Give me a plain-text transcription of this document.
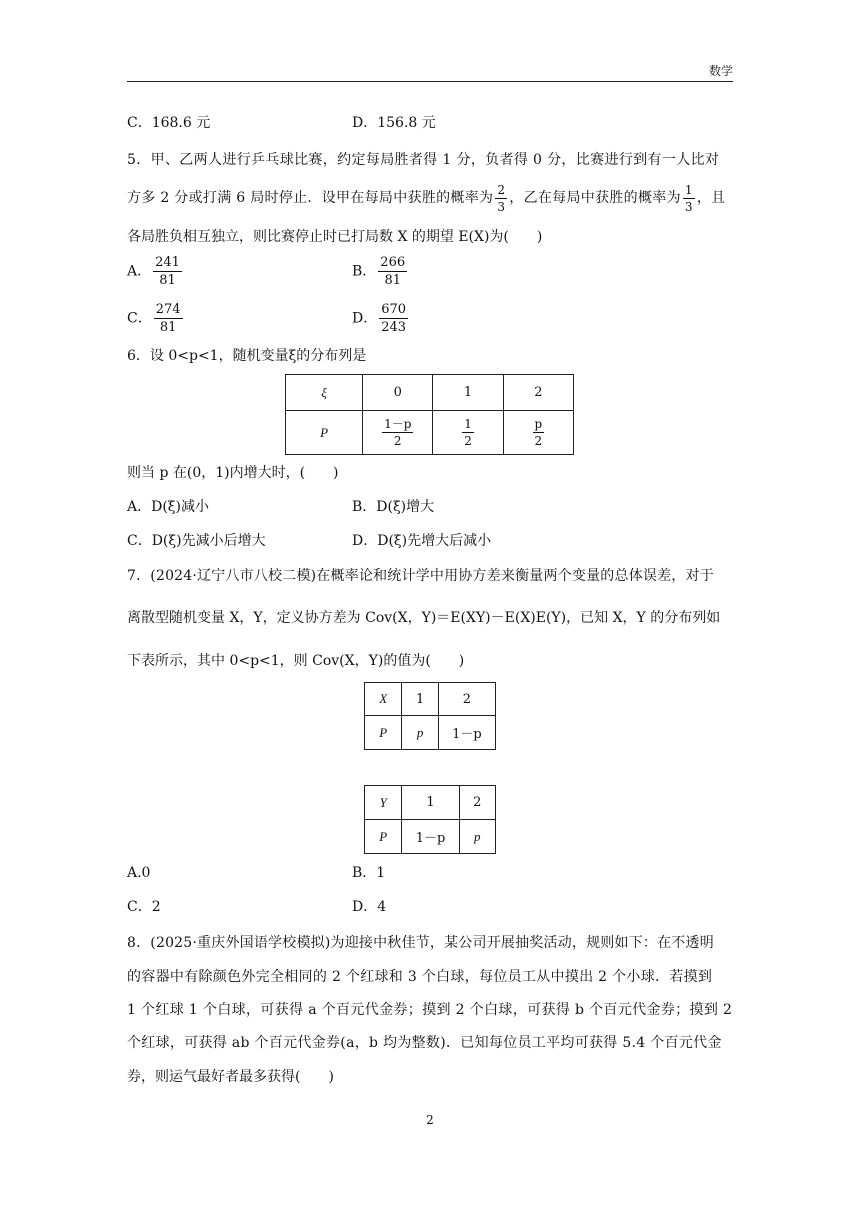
数学
C．168.6 元	D．156.8 元
5．甲、乙两人进行乒乓球比赛，约定每局胜者得 1 分，负者得 0 分，比赛进行到有一人比对
方多 2 分或打满 6 局时停止．设甲在每局中获胜的概率为 $\frac{2}{3}$ ，乙在每局中获胜的概率为 $\frac{1}{3}$ ，且
各局胜负相互独立，则比赛停止时已打局数 X 的期望 E(X)为(　　)
A． $\frac{241}{81}$	B． $\frac{266}{81}$
C． $\frac{274}{81}$	D． $\frac{670}{243}$
6．设 0<p<1，随机变量ξ的分布列是
ξ	0	1	2
P	$\frac{1-p}{2}$	$\frac{1}{2}$	$\frac{p}{2}$
则当 p 在(0，1)内增大时，(　　)
A．D(ξ)减小	B．D(ξ)增大
C．D(ξ)先减小后增大	D．D(ξ)先增大后减小
7．(2024·辽宁八市八校二模)在概率论和统计学中用协方差来衡量两个变量的总体误差，对于
离散型随机变量 X，Y，定义协方差为 Cov(X，Y)＝E(XY)－E(X)E(Y)，已知 X，Y 的分布列如
下表所示，其中 0<p<1，则 Cov(X，Y)的值为(　　)
X	1	2
P	p	1－p
Y	1	2
P	1－p	p
A.0	B．1
C．2	D．4
8．(2025·重庆外国语学校模拟)为迎接中秋佳节，某公司开展抽奖活动，规则如下：在不透明
的容器中有除颜色外完全相同的 2 个红球和 3 个白球，每位员工从中摸出 2 个小球．若摸到
1 个红球 1 个白球，可获得 a 个百元代金券；摸到 2 个白球，可获得 b 个百元代金券；摸到 2
个红球，可获得 ab 个百元代金券(a，b 均为整数)．已知每位员工平均可获得 5.4 个百元代金
券，则运气最好者最多获得(　　)
2
